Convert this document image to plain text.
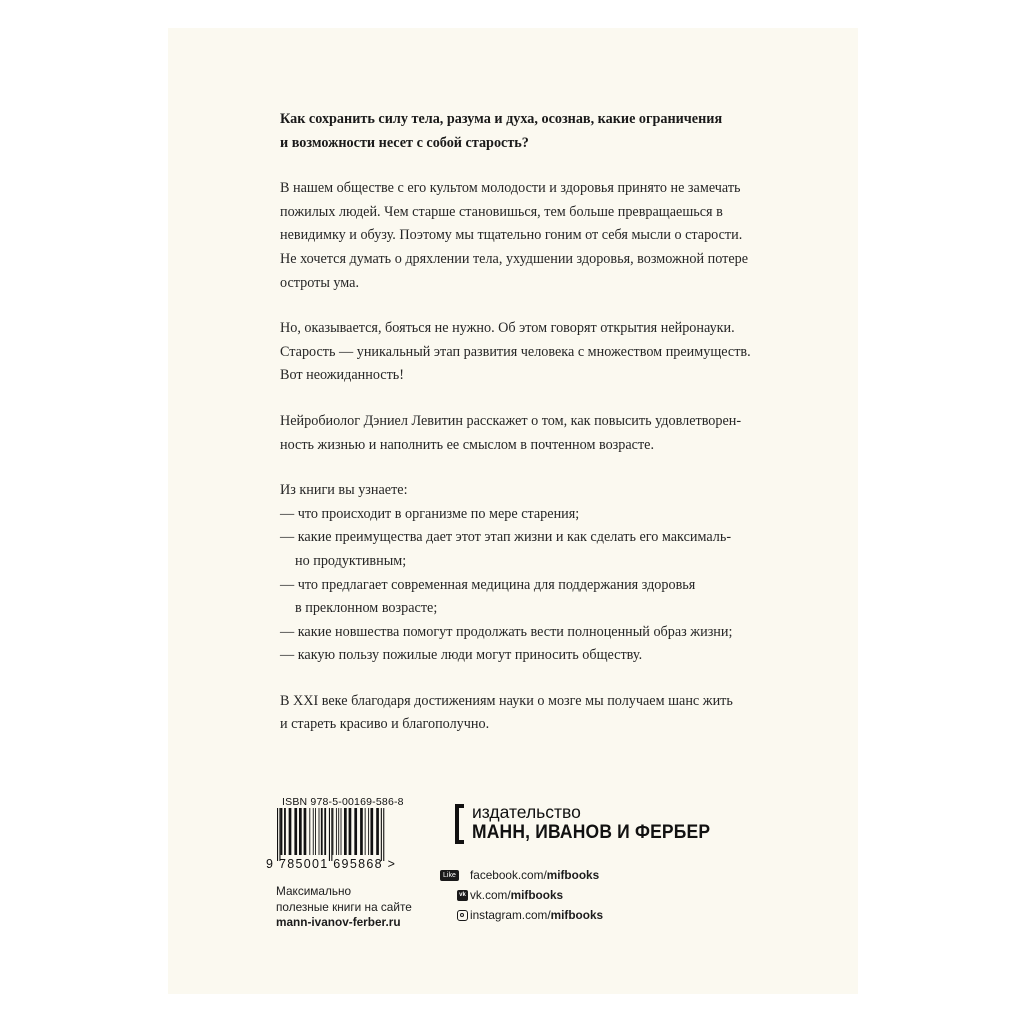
Как сохранить силу тела, разума и духа, осознав, какие ограничения

и возможности несет с собой старость?

В нашем обществе с его культом молодости и здоровья принято не замечать

пожилых людей. Чем старше становишься, тем больше превращаешься в

невидимку и обузу. Поэтому мы тщательно гоним от себя мысли о старости.

Не хочется думать о дряхлении тела, ухудшении здоровья, возможной потере

остроты ума.

Но, оказывается, бояться не нужно. Об этом говорят открытия нейронауки.

Старость — уникальный этап развития человека с множеством преимуществ.

Вот неожиданность!

Нейробиолог Дэниел Левитин расскажет о том, как повысить удовлетворен-

ность жизнью и наполнить ее смыслом в почтенном возрасте.

Из книги вы узнаете:

— что происходит в организме по мере старения;

— какие преимущества дает этот этап жизни и как сделать его максималь-

но продуктивным;

— что предлагает современная медицина для поддержания здоровья

в преклонном возрасте;

— какие новшества помогут продолжать вести полноценный образ жизни;

— какую пользу пожилые люди могут приносить обществу.

В XXI веке благодаря достижениям науки о мозге мы получаем шанс жить

и стареть красиво и благополучно.

ISBN 978-5-00169-586-8
9 785001 695868 >
Максимально
полезные книги на сайте
mann-ivanov-ferber.ru
издательство
МАНН, ИВАНОВ И ФЕРБЕР
Like facebook.com/ mifbooks
vk vk.com/ mifbooks
instagram.com/ mifbooks
